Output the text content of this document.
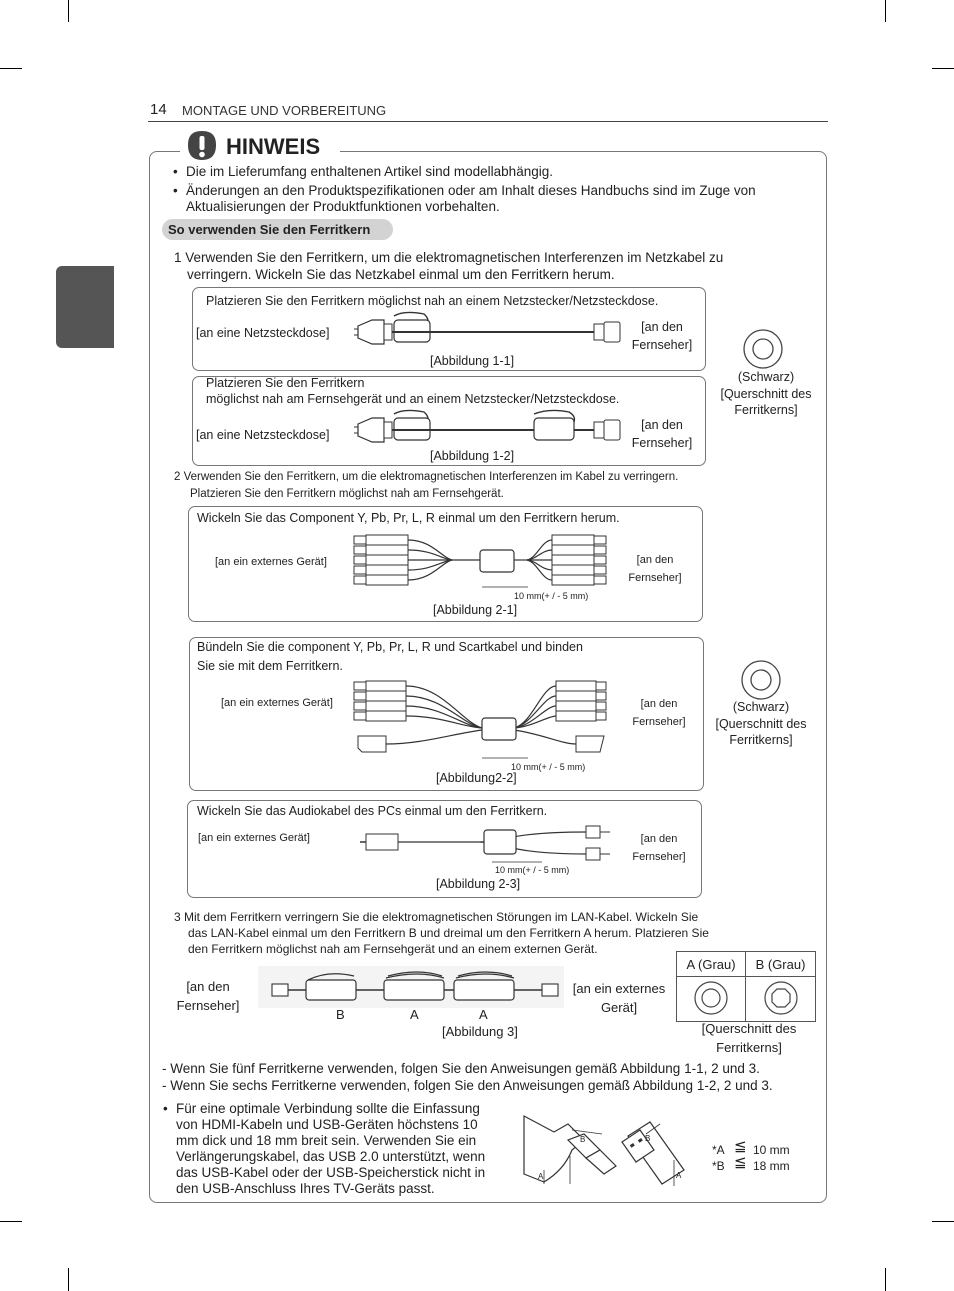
14 MONTAGE UND VORBEREITUNG
DEUTSCH
HINWEIS
• Die im Lieferumfang enthaltenen Artikel sind modellabhängig.
• Änderungen an den Produktspezifikationen oder am Inhalt dieses Handbuchs sind im Zuge von
Aktualisierungen der Produktfunktionen vorbehalten.
So verwenden Sie den Ferritkern
1 Verwenden Sie den Ferritkern, um die elektromagnetischen Interferenzen im Netzkabel zu
verringern. Wickeln Sie das Netzkabel einmal um den Ferritkern herum.
Platzieren Sie den Ferritkern möglichst nah an einem Netzstecker/Netzsteckdose.
[an eine Netzsteckdose]	[an den
Fernseher]
[Abbildung 1-1]
Platzieren Sie den Ferritkern
möglichst nah am Fernsehgerät und an einem Netzstecker/Netzsteckdose.
[an eine Netzsteckdose]
[an den
Fernseher]
[Abbildung 1-2]
(Schwarz)
[Querschnitt des
Ferritkerns]
2 Verwenden Sie den Ferritkern, um die elektromagnetischen Interferenzen im Kabel zu verringern.
Platzieren Sie den Ferritkern möglichst nah am Fernsehgerät.
Wickeln Sie das Component Y, Pb, Pr, L, R einmal um den Ferritkern herum.
[an ein externes Gerät]	[an den
Fernseher]
10 mm(+ / - 5 mm)
[Abbildung 2-1]
Bündeln Sie die component Y, Pb, Pr, L, R und Scartkabel und binden
Sie sie mit dem Ferritkern.
[an ein externes Gerät]	[an den
Fernseher]
10 mm(+ / - 5 mm)
[Abbildung2-2]
(Schwarz)
[Querschnitt des
Ferritkerns]
Wickeln Sie das Audiokabel des PCs einmal um den Ferritkern.
[an ein externes Gerät]	[an den
Fernseher]
10 mm(+ / - 5 mm)
[Abbildung 2-3]
3 Mit dem Ferritkern verringern Sie die elektromagnetischen Störungen im LAN-Kabel. Wickeln Sie
das LAN-Kabel einmal um den Ferritkern B und dreimal um den Ferritkern A herum. Platzieren Sie
den Ferritkern möglichst nah am Fernsehgerät und an einem externen Gerät.
[an den
Fernseher]
[an ein externes
Gerät]
B	A	A
[Abbildung 3]
A (Grau)	B (Grau)

[Querschnitt des
Ferritkerns]
- Wenn Sie fünf Ferritkerne verwenden, folgen Sie den Anweisungen gemäß Abbildung 1-1, 2 und 3.
- Wenn Sie sechs Ferritkerne verwenden, folgen Sie den Anweisungen gemäß Abbildung 1-2, 2 und 3.
• Für eine optimale Verbindung sollte die Einfassung
von HDMI-Kabeln und USB-Geräten höchstens 10
mm dick und 18 mm breit sein. Verwenden Sie ein
Verlängerungskabel, das USB 2.0 unterstützt, wenn
das USB-Kabel oder der USB-Speicherstick nicht in
den USB-Anschluss Ihres TV-Geräts passt.
B
A
B
A
*A ≦ 10 mm
*B ≦ 18 mm
